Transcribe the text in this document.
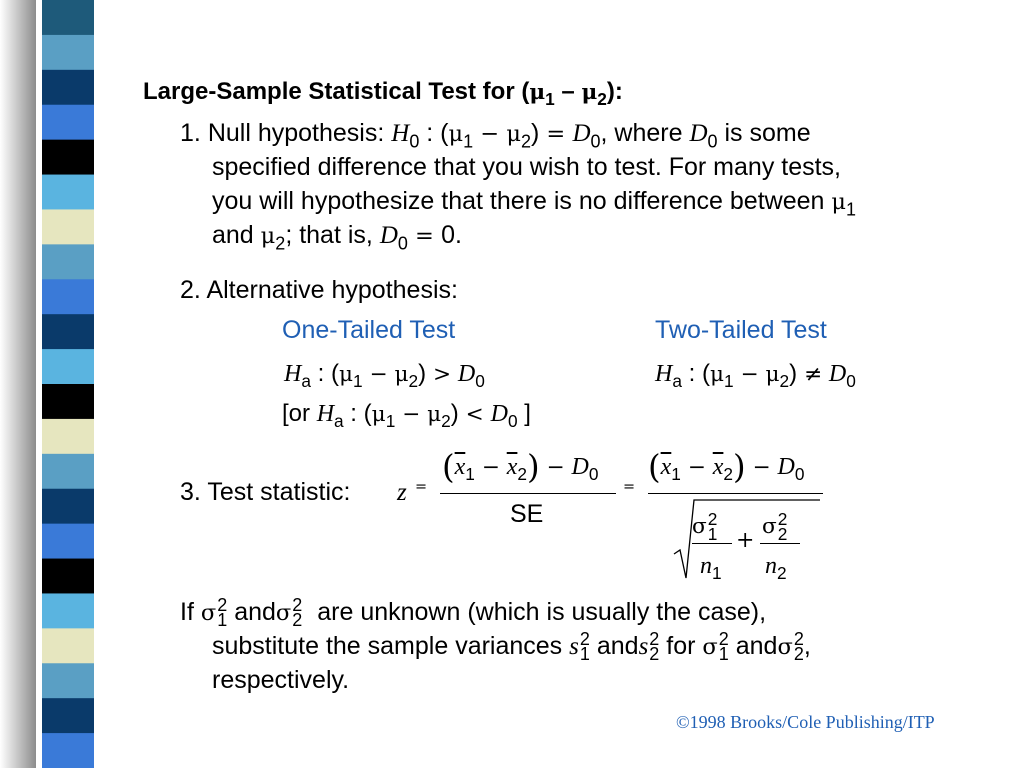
Large-Sample Statistical Test for $(\mu_1 - \mu_2)$:
1. Null hypothesis: $H_0$ : $(\mu_1 - \mu_2) = D_0$, where $D_0$ is some
specified difference that you wish to test. For many tests,
you will hypothesize that there is no difference between $\mu_1$
and $\mu_2$; that is, $D_0 = 0$.
2. Alternative hypothesis:
One-Tailed Test	Two-Tailed Test
$H_a$ : $(\mu_1 - \mu_2) > D_0$	$H_a$ : $(\mu_1 - \mu_2) \ne D_0$
[or $H_a$ : $(\mu_1 - \mu_2) < D_0$ ]
3. Test statistic: z =
$(\overline{x}_1 - \overline{x}_2) - D_0$
SE
=
$(\overline{x}_1 - \overline{x}_2) - D_0$
σ 2
1 σ 2
2
+
$n_1$ $n_2$
If σ 2
1 andσ 2
2 are unknown (which is usually the case),
substitute the sample variances s 2
1 ands 2
2 for σ 2
1 andσ 2
2 ,
respectively.
©1998 Brooks/Cole Publishing/ITP
